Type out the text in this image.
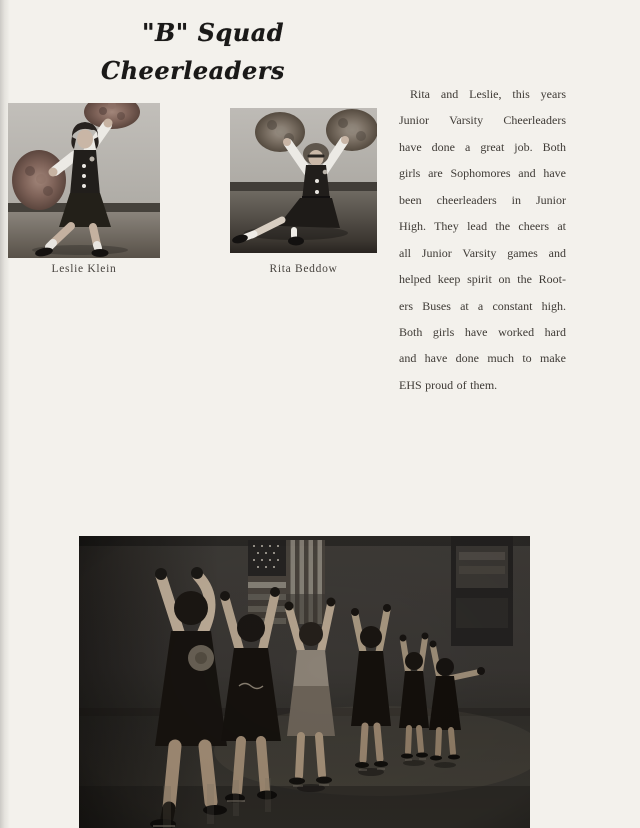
"B" Squad
Cheerleaders
Leslie Klein	Rita Beddow
Rita and Leslie, this years
Junior Varsity Cheerleaders
have done a great job. Both
girls are Sophomores and have
been cheerleaders in Junior
High. They lead the cheers at
all Junior Varsity games and
helped keep spirit on the Root-
ers Buses at a constant high.
Both girls have worked hard
and have done much to make
EHS proud of them.
